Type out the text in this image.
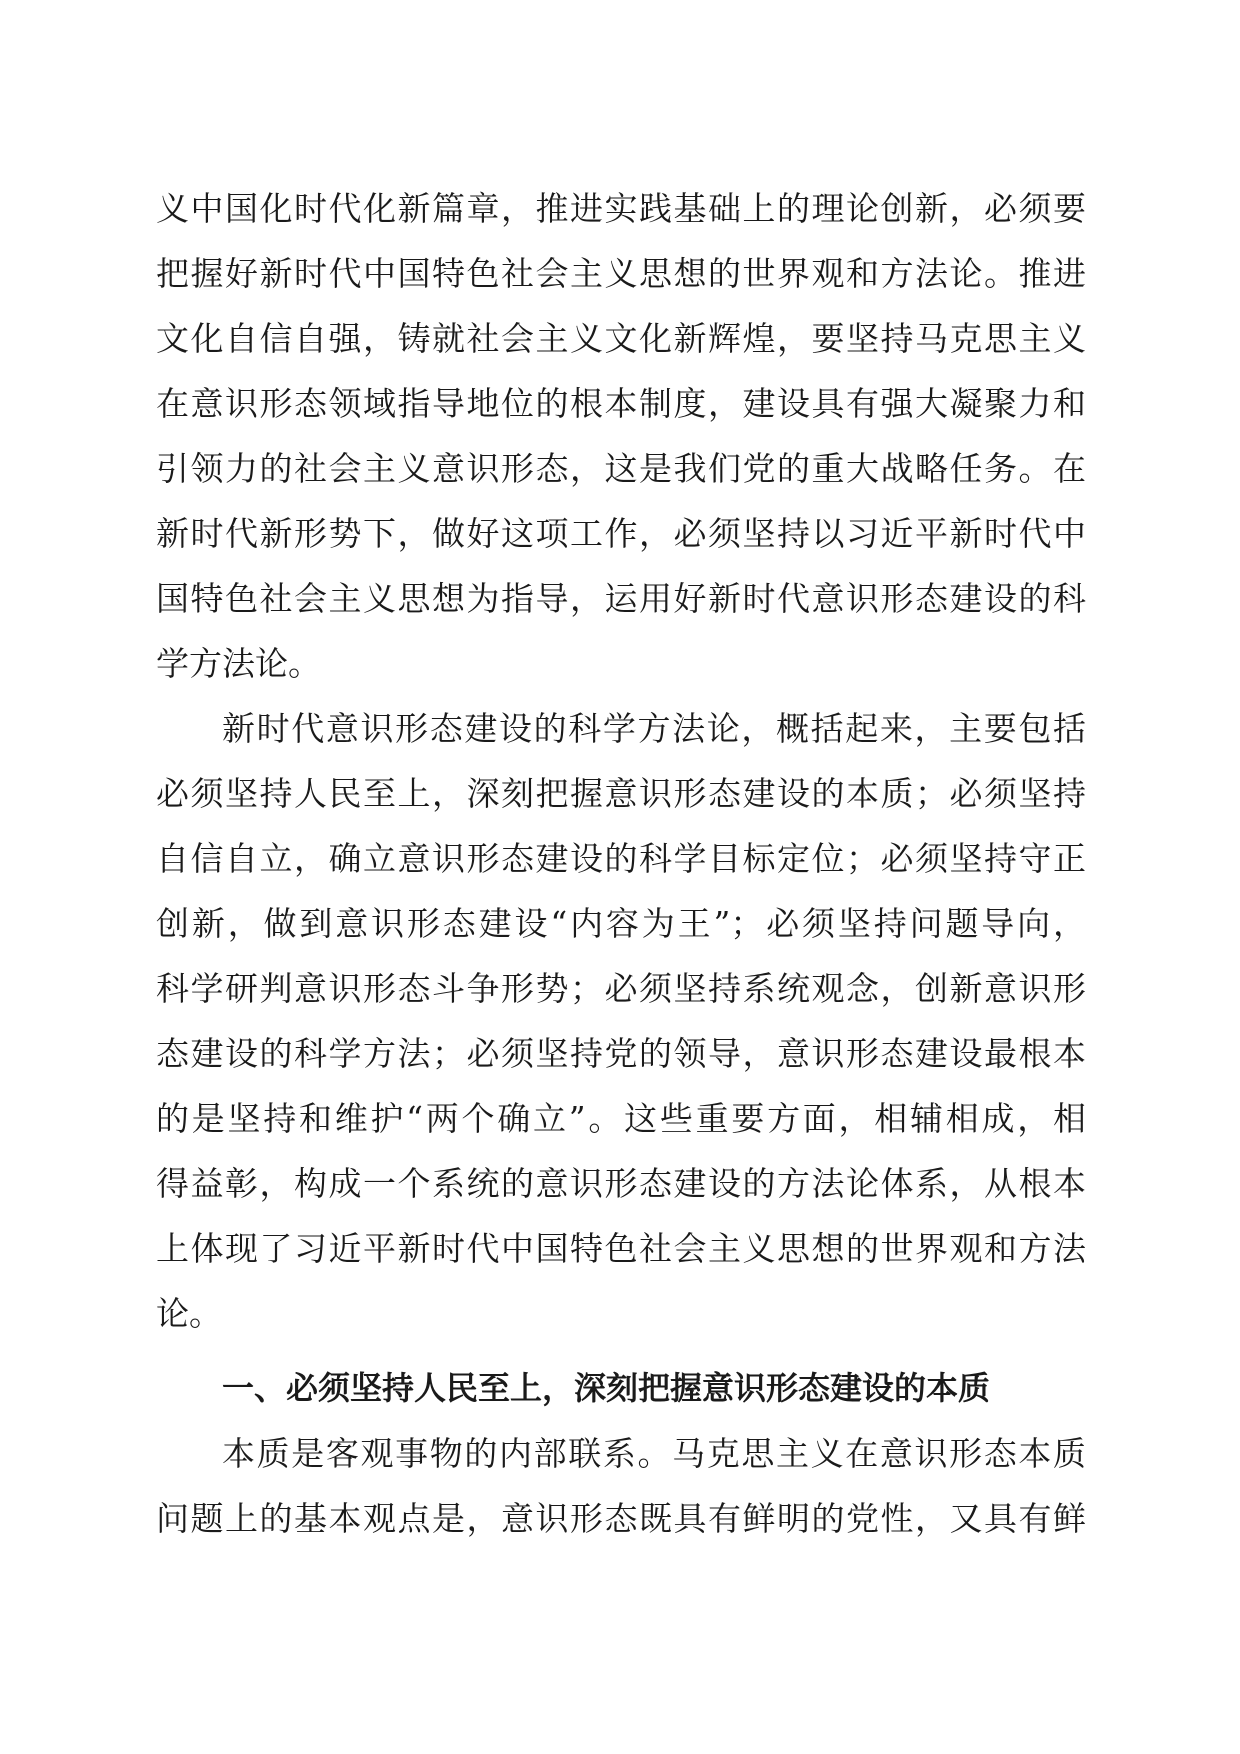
义中国化时代化新篇章，推进实践基础上的理论创新，必须要
把握好新时代中国特色社会主义思想的世界观和方法论。推进
文化自信自强，铸就社会主义文化新辉煌，要坚持马克思主义
在意识形态领域指导地位的根本制度，建设具有强大凝聚力和
引领力的社会主义意识形态，这是我们党的重大战略任务。在
新时代新形势下，做好这项工作，必须坚持以习近平新时代中
国特色社会主义思想为指导，运用好新时代意识形态建设的科
学方法论。
新时代意识形态建设的科学方法论，概括起来，主要包括
必须坚持人民至上，深刻把握意识形态建设的本质；必须坚持
自信自立，确立意识形态建设的科学目标定位；必须坚持守正
创新，做到意识形态建设“内容为王”；必须坚持问题导向，
科学研判意识形态斗争形势；必须坚持系统观念，创新意识形
态建设的科学方法；必须坚持党的领导，意识形态建设最根本
的是坚持和维护“两个确立”。这些重要方面，相辅相成，相
得益彰，构成一个系统的意识形态建设的方法论体系，从根本
上体现了习近平新时代中国特色社会主义思想的世界观和方法
论。
一、必须坚持人民至上，深刻把握意识形态建设的本质
本质是客观事物的内部联系。马克思主义在意识形态本质
问题上的基本观点是，意识形态既具有鲜明的党性，又具有鲜
